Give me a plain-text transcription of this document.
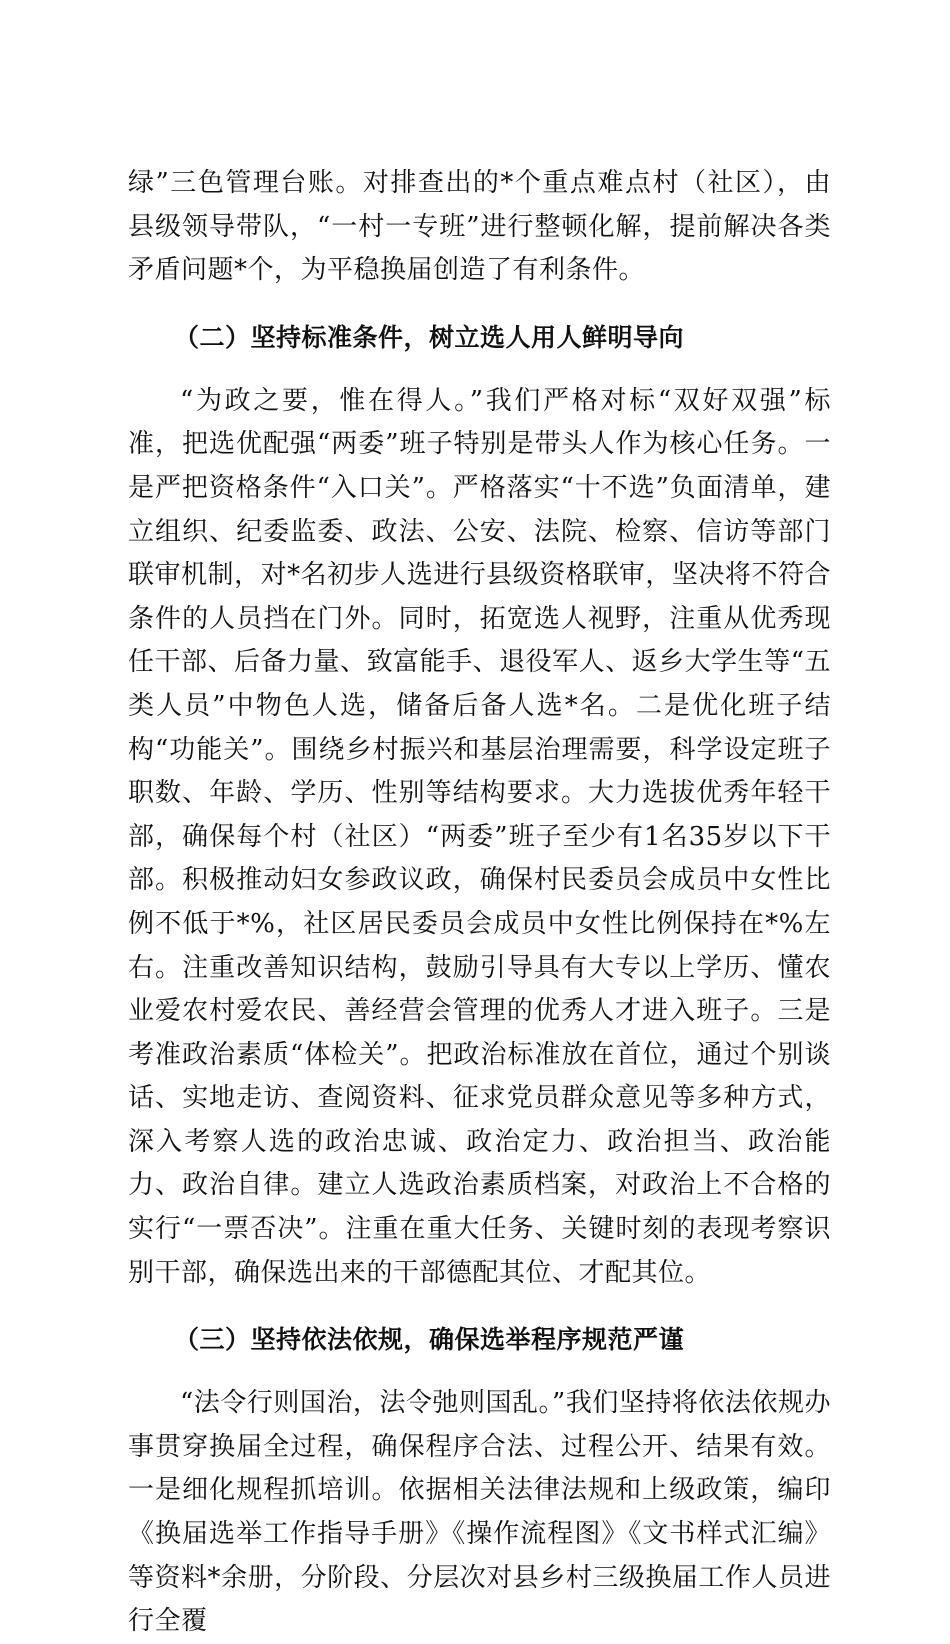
绿”三色管理台账。对排查出的*个重点难点村（社区），由县级领导带队，“一村一专班”进行整顿化解，提前解决各类矛盾问题*个，为平稳换届创造了有利条件。

（二）坚持标准条件，树立选人用人鲜明导向

“为政之要，惟在得人。”我们严格对标“双好双强”标准，把选优配强“两委”班子特别是带头人作为核心任务。一是严把资格条件“入口关”。严格落实“十不选”负面清单，建立组织、纪委监委、政法、公安、法院、检察、信访等部门联审机制，对*名初步人选进行县级资格联审，坚决将不符合条件的人员挡在门外。同时，拓宽选人视野，注重从优秀现任干部、后备力量、致富能手、退役军人、返乡大学生等“五类人员”中物色人选，储备后备人选*名。二是优化班子结构“功能关”。围绕乡村振兴和基层治理需要，科学设定班子职数、年龄、学历、性别等结构要求。大力选拔优秀年轻干部，确保每个村（社区）“两委”班子至少有1名35岁以下干部。积极推动妇女参政议政，确保村民委员会成员中女性比例不低于*%，社区居民委员会成员中女性比例保持在*%左右。注重改善知识结构，鼓励引导具有大专以上学历、懂农业爱农村爱农民、善经营会管理的优秀人才进入班子。三是考准政治素质“体检关”。把政治标准放在首位，通过个别谈话、实地走访、查阅资料、征求党员群众意见等多种方式，深入考察人选的政治忠诚、政治定力、政治担当、政治能力、政治自律。建立人选政治素质档案，对政治上不合格的实行“一票否决”。注重在重大任务、关键时刻的表现考察识别干部，确保选出来的干部德配其位、才配其位。

（三）坚持依法依规，确保选举程序规范严谨

“法令行则国治，法令弛则国乱。”我们坚持将依法依规办事贯穿换届全过程，确保程序合法、过程公开、结果有效。一是细化规程抓培训。依据相关法律法规和上级政策，编印《换届选举工作指导手册》《操作流程图》《文书样式汇编》等资料*余册，分阶段、分层次对县乡村三级换届工作人员进行全覆
